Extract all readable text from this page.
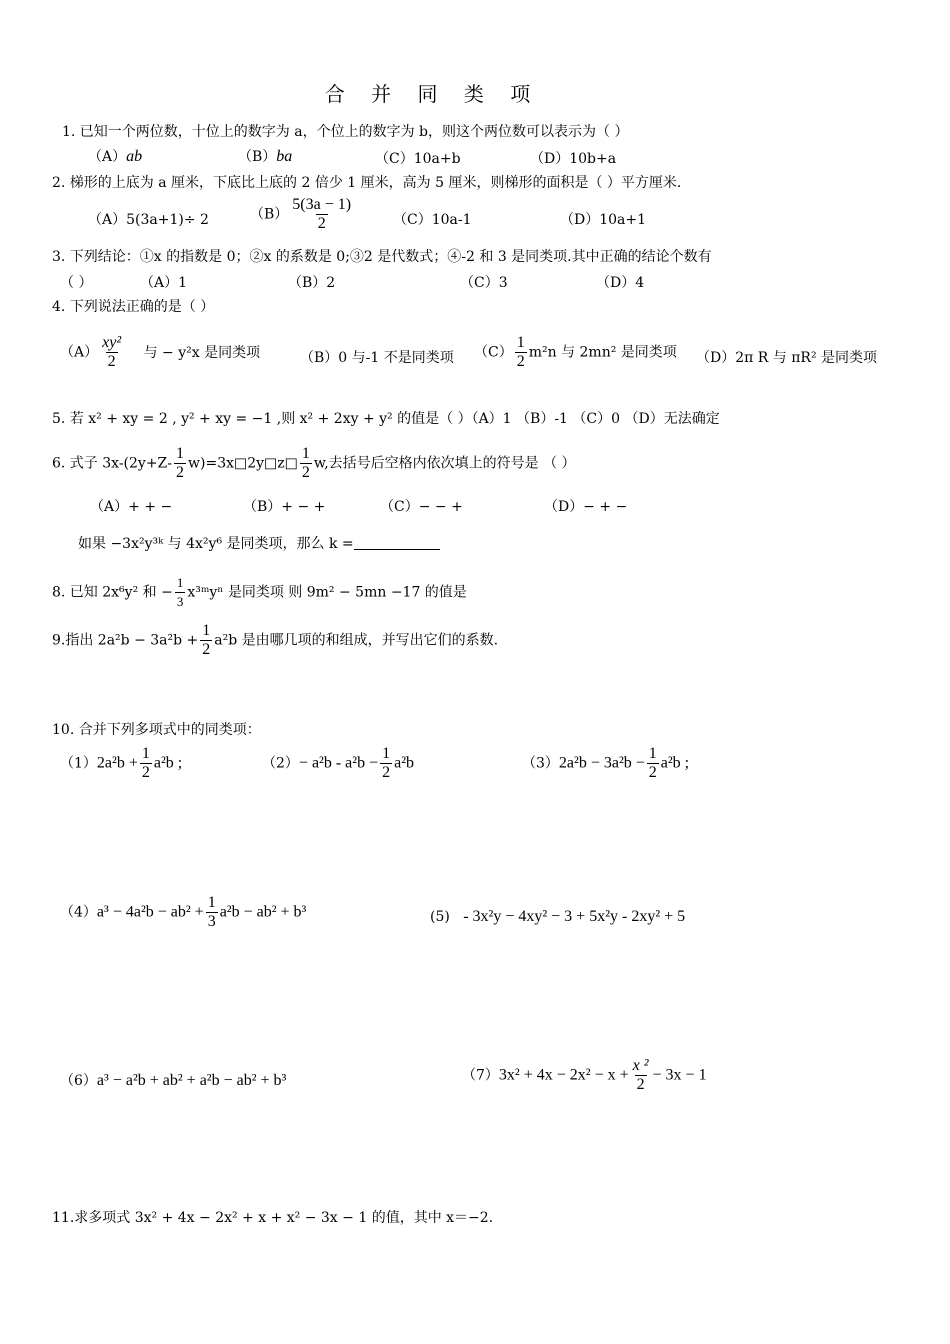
合 并 同 类 项
1. 已知一个两位数，十位上的数字为 a，个位上的数字为 b，则这个两位数可以表示为（ ）
（A）ab	（B）ba	（C）10a+b	（D）10b+a
2. 梯形的上底为 a 厘米，下底比上底的 2 倍少 1 厘米，高为 5 厘米，则梯形的面积是（ ）平方厘米.
（A）5(3a+1)÷ 2	$(B) \frac{5(3a - 1)}{2}$	（C）10a-1	（D）10a+1
3. 下列结论：①x 的指数是 0；②x 的系数是 0;③2 是代数式；④-2 和 3 是同类项.其中正确的结论个数有
（ ）	（A）1	（B）2	（C）3	（D）4
4. 下列说法正确的是（ ）
$(A) \frac{\text{xy²}}{2}$ 与 − y²x 是同类项	（B）0 与-1 不是同类项 $(C) \frac{1}{2} m^2n$ 与 2mn² 是同类项 （D）2π R 与 πR² 是同类项
5. 若 x² + xy = 2 , y² + xy = −1 ,则 x² + 2xy + y² 的值是（ ）（A）1 （B）-1 （C）0 （D）无法确定
6. 式子 $3x-(2y+Z- \frac{1}{2}$ w)=3x□2y□z□ $\frac{1}{2} w$,去括号后空格内依次填上的符号是 （ ）
（A）+ + −	（B）+ − +	（C）− − +	（D）− + −
如果 −3x²y³ᵏ 与 4x²y⁶ 是同类项，那么 k =
8. 已知 2x⁶y² 和 − $\frac{1}{3}$ x³ᵐyⁿ 是同类项 则 9m² − 5mn −17 的值是
9.指出 $2a^2b - 3a^2b + \frac{1}{2} a^2b$ 是由哪几项的和组成，并写出它们的系数.
10. 合并下列多项式中的同类项：
$(1)2a^2b + \frac{1}{2} a^2b$ ;	$(2)- a^2b - a^2b - \frac{1}{2} a^2b$	$(3)2a^2b - 3a^2b - \frac{1}{2} a^2b$ ;
$(4)a^3 - 4a^2b - ab^2 + \frac{1}{3} a^2b - ab^2 + b^3$	(5) - 3x²y − 4xy² − 3 + 5x²y - 2xy² + 5
（6）a³ − a²b + ab² + a²b − ab² + b³	$(7)3x^2 + 4x - 2x^2 - x + \frac{\text{x ²}}{2} - 3x - 1$
11.求多项式 3x² + 4x − 2x² + x + x² − 3x − 1 的值，其中 x＝−2.
